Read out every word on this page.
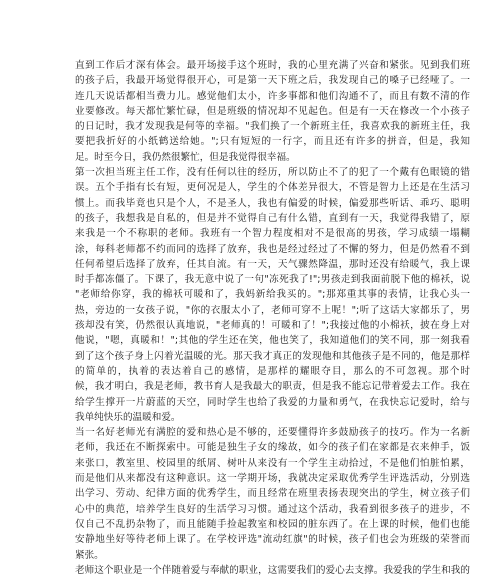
直到工作后才深有体会。最开场接手这个班时，我的心里充满了兴奋和紧张。见到我们班
的孩子后，我最开场觉得很开心，可是第一天下班之后，我发现自己的嗓子已经哑了。一
连几天说话都相当费力儿。感觉他们太小，许多事都和他们沟通不了，而且有数不清的作
业要修改。每天都忙繁忙碌，但是班级的情况却不见起色。但是有一天在修改一个小孩子
的日记时，我才发现我是何等的幸福。"我们换了一个新班主任，我喜欢我的新班主任，我
要把我折好的小纸鹤送给她。";只有短短的一行字，而且还有许多的拼音，但是，我知
足。时至今日，我仍然很繁忙，但是我觉得很幸福。
第一次担当班主任工作，没有任何以往的经历，所以防止不了的犯了一个戴有色眼镜的错
误。五个手指有长有短，更何况是人，学生的个体差异很大，不管是智力上还是在生活习
惯上。而我毕竟也只是个人，不是圣人，我也有偏爱的时候，偏爱那些听话、乖巧、聪明
的孩子，我想我是自私的，但是并不觉得自己有什么错，直到有一天，我觉得我错了，原
来我是一个不称职的老师。我班有一个智力程度相对不是很高的男孩，学习成绩一塌糊
涂，每科老师都不约而同的选择了放弃，我也是经过经过了不懈的努力，但是仍然看不到
任何希望后选择了放弃，任其自流。有一天，天气骤然降温，那时还没有给暖气，我上课
时手都冻僵了。下课了，我无意中说了一句"冻死我了!";男孩走到我面前脱下他的棉袄，说
"老师给你穿，我的棉袄可暖和了，我妈新给我买的。";那郑重其事的表情，让我心头一
热，旁边的一女孩子说，"你的衣服太小了，老师可穿不上呢！";听了这话大家都乐了，男
孩却没有笑，仍然很认真地说，"老师真的！可暖和了！";我接过他的小棉袄，披在身上对
他说，"嗯，真暖和！";其他的学生还在笑，他也笑了，我知道他们的笑不同，那一刻我看
到了这个孩子身上闪着光温暖的光。那天我才真正的发现他和其他孩子是不同的，他是那样
的简单的，执着的表达着自己的感情，是那样的耀眼夺目，那么的不可忽视。那个时
候，我才明白，我是老师，教书育人是我最大的职责，但是我不能忘记带着爱去工作。我在
给学生撑开一片蔚蓝的天空，同时学生也给了我爱的力量和勇气，在我快忘记爱时，给与
我单纯快乐的温暖和爱。
当一名好老师光有满腔的爱和热心是不够的，还要懂得许多鼓励孩子的技巧。作为一名新
老师，我还在不断探索中。可能是独生子女的缘故，如今的孩子们在家都是衣来伸手，饭
来张口，教室里、校园里的纸屑、树叶从来没有一个学生主动拾过，不是他们怕脏怕累，
而是他们从来都没有这种意识。这一学期开场，我就决定采取优秀学生评选活动，分别选
出学习、劳动、纪律方面的优秀学生，而且经常在班里表扬表现突出的学生，树立孩子们
心中的典范，培养学生良好的生活学习习惯。通过这个活动，我看到很多孩子的进步，不
仅自己不乱扔杂物了，而且能随手捡起教室和校园的脏东西了。在上课的时候，他们也能
安静地坐好等待老师上课了。在学校评选"流动红旗"的时候，孩子们也会为班级的荣誉而
紧张。
老师这个职业是一个伴随着爱与奉献的职业，这需要我们的爱心去支撑。我爱我的学生和我的
